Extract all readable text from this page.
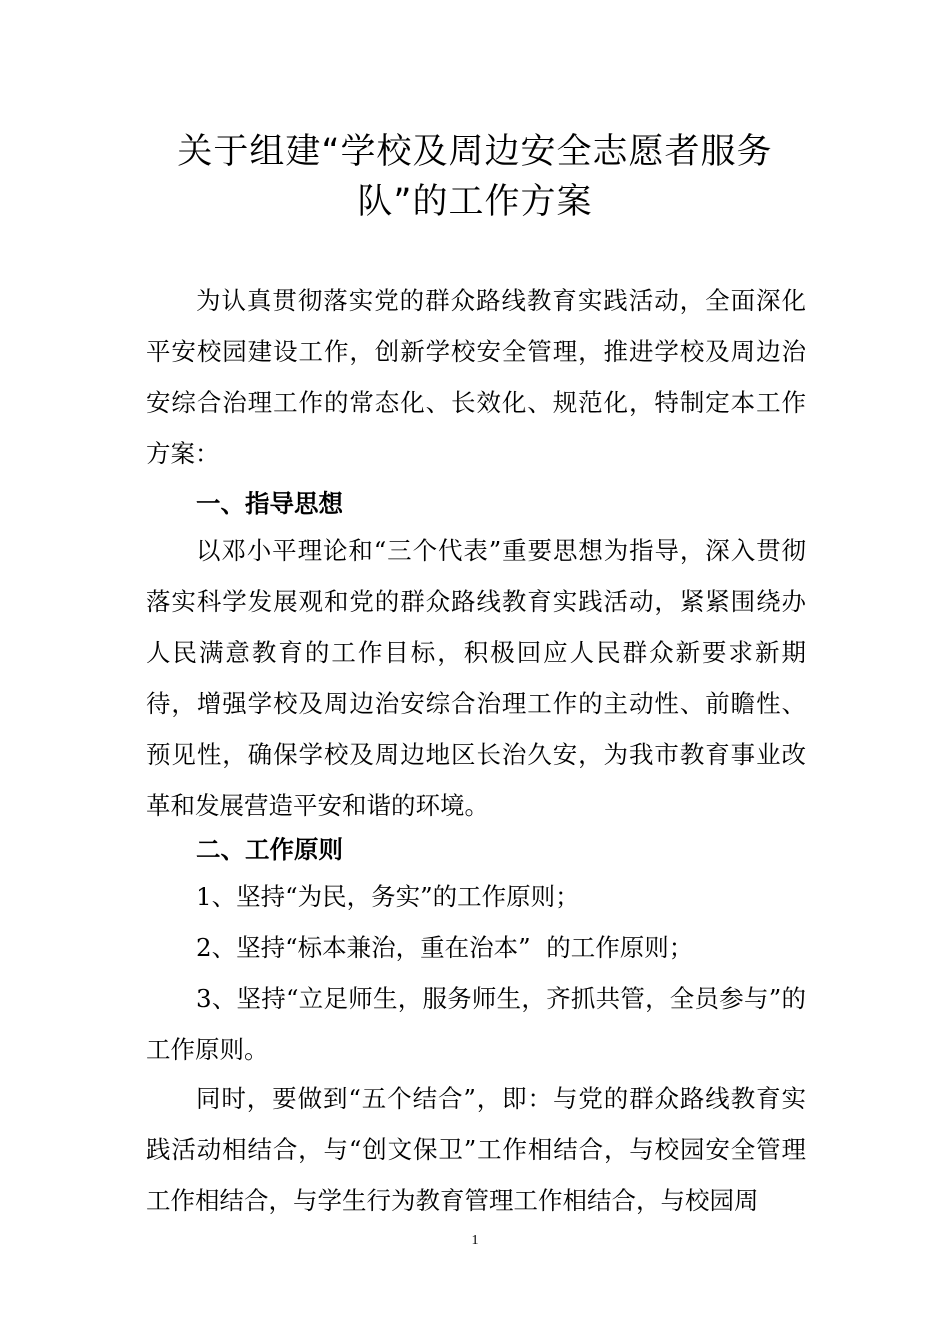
关于组建“学校及周边安全志愿者服务
队”的工作方案

为认真贯彻落实党的群众路线教育实践活动，全面深化平安校园建设工作，创新学校安全管理，推进学校及周边治安综合治理工作的常态化、长效化、规范化，特制定本工作方案：

一、指导思想

以邓小平理论和“三个代表”重要思想为指导，深入贯彻落实科学发展观和党的群众路线教育实践活动，紧紧围绕办人民满意教育的工作目标，积极回应人民群众新要求新期待，增强学校及周边治安综合治理工作的主动性、前瞻性、预见性，确保学校及周边地区长治久安，为我市教育事业改革和发展营造平安和谐的环境。

二、工作原则
1、坚持“为民，务实”的工作原则；
2、坚持“标本兼治，重在治本”  的工作原则；

3、坚持“立足师生，服务师生，齐抓共管，全员参与”的工作原则。

同时，要做到“五个结合”，即：与党的群众路线教育实践活动相结合，与“创文保卫”工作相结合，与校园安全管理工作相结合，与学生行为教育管理工作相结合，与校园周

1
